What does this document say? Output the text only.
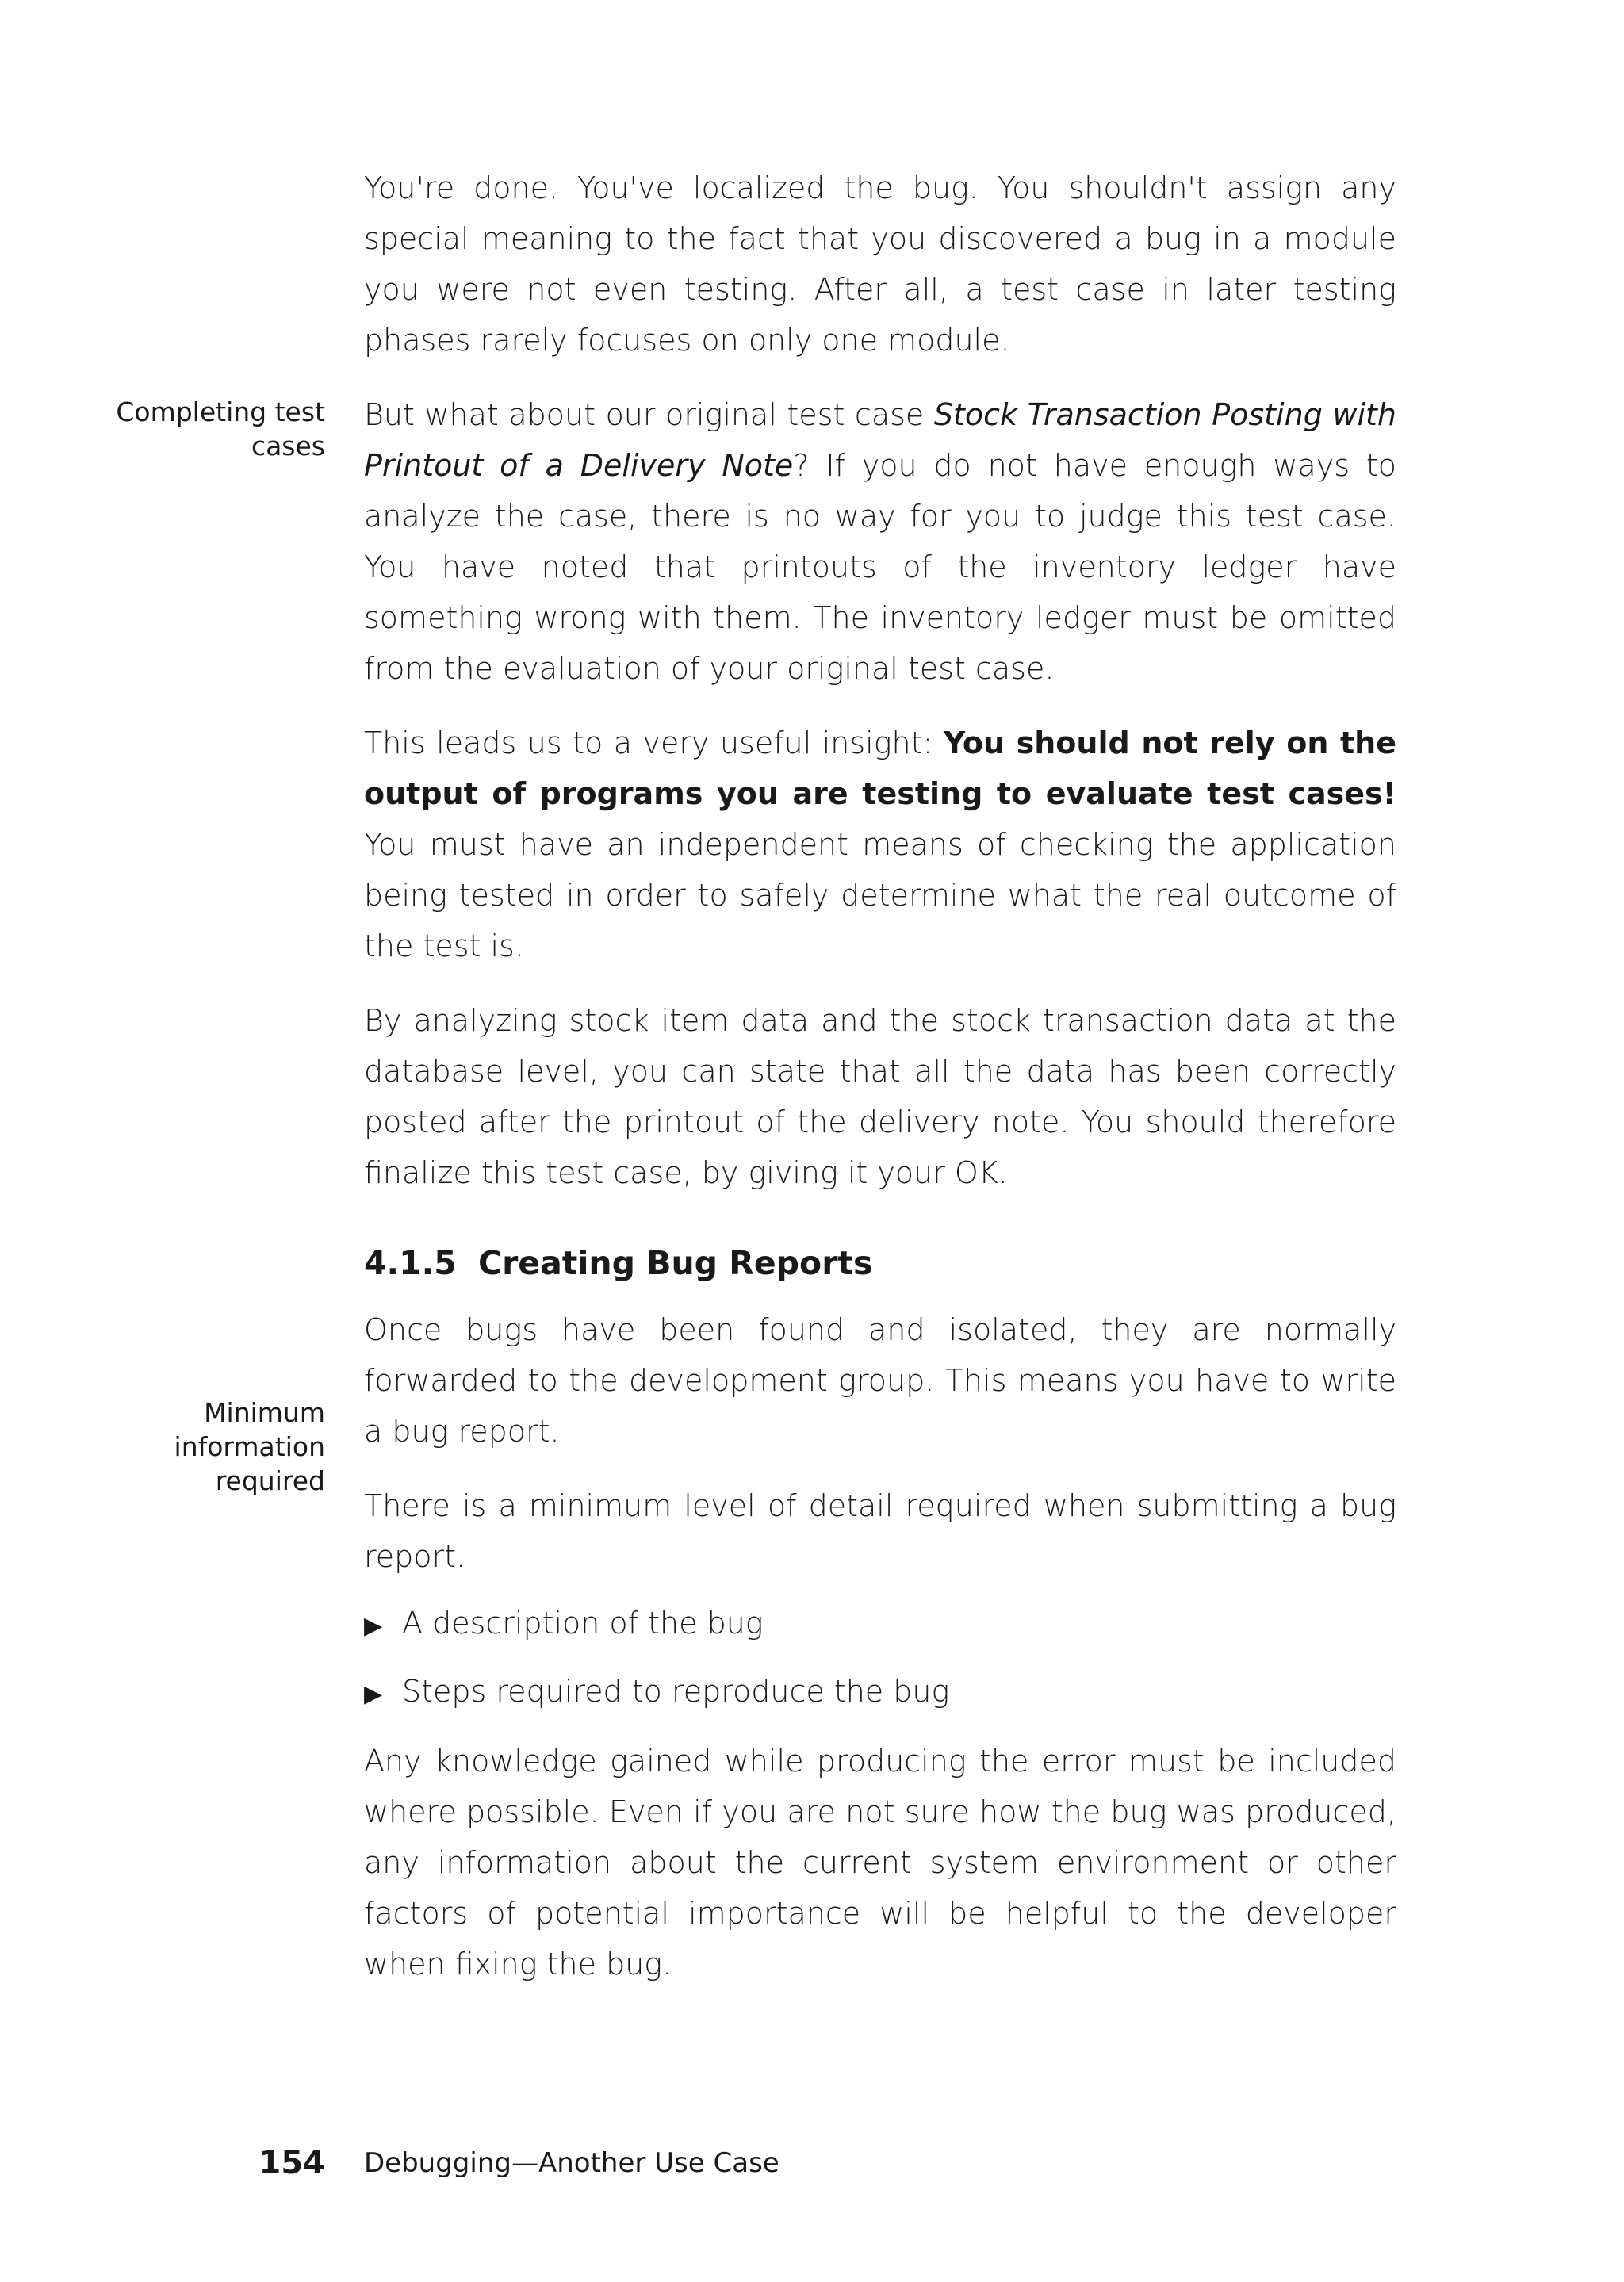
Completing test
cases
Minimum
information
required

You're done. You've localized the bug. You shouldn't assign any special meaning to the fact that you discovered a bug in a module you were not even testing. After all, a test case in later testing phases rarely focuses on only one module.

But what about our original test case Stock Transaction Posting with Printout of a Delivery Note? If you do not have enough ways to analyze the case, there is no way for you to judge this test case. You have noted that printouts of the inventory ledger have something wrong with them. The inventory ledger must be omitted from the evaluation of your original test case.

This leads us to a very useful insight: You should not rely on the output of programs you are testing to evaluate test cases! You must have an independent means of checking the application being tested in order to safely determine what the real outcome of the test is.

By analyzing stock item data and the stock transaction data at the database level, you can state that all the data has been correctly posted after the printout of the delivery note. You should therefore finalize this test case, by giving it your OK.

4.1.5 Creating Bug Reports

Once bugs have been found and isolated, they are normally forwarded to the development group. This means you have to write a bug report.

There is a minimum level of detail required when submitting a bug report.

▶ A description of the bug
▶ Steps required to reproduce the bug

Any knowledge gained while producing the error must be included where possible. Even if you are not sure how the bug was produced, any information about the current system environment or other factors of potential importance will be helpful to the developer when fixing the bug.

154 Debugging—Another Use Case
